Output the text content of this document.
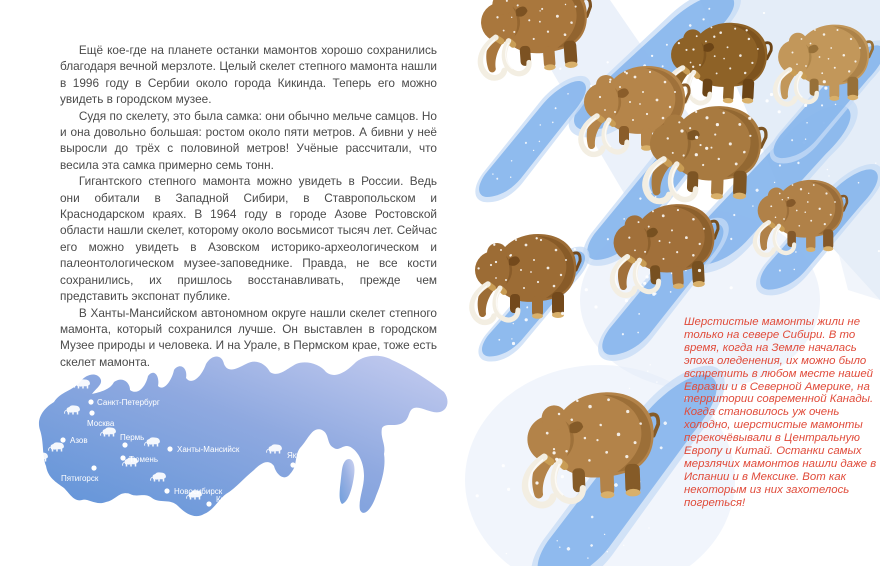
Ещё кое-где на планете останки мамонтов хорошо сохранились благодаря вечной мерзлоте. Целый скелет степного мамонта нашли в 1996 году в Сербии около города Кикинда. Теперь его можно увидеть в городском музее.

Судя по скелету, это была самка: они обычно мельче самцов. Но и она довольно большая: ростом около пяти метров. А бивни у неё выросли до трёх с половиной метров! Учёные рассчитали, что весила эта самка примерно семь тонн.

Гигантского степного мамонта можно увидеть в России. Ведь они обитали в Западной Сибири, в Ставропольском и Краснодарском краях. В 1964 году в городе Азове Ростовской области нашли скелет, которому около восьмисот тысяч лет. Сейчас его можно увидеть в Азовском историко-археологическом и палеонтологическом музее-заповеднике. Правда, не все кости сохранились, их пришлось восстанавливать, прежде чем представить экспонат публике.

В Ханты-Мансийском автономном округе нашли скелет степного мамонта, который сохранился лучше. Он выставлен в городском Музее природы и человека. И на Урале, в Пермском крае, тоже есть скелет мамонта.

Санкт-Петербург
Москва
Азов	Пермь
Ханты-Мансийск
Тюмень
Пятигорск
Новосибирск
Красноярск
Якутск
Шерстистые мамонты жили не только на севере Сибири. В то время, когда на Земле началась эпоха оледенения, их можно было встретить в любом месте нашей Евразии и в Северной Америке, на территории современной Канады. Когда становилось уж очень холодно, шерстистые мамонты перекочёвывали в Центральную Европу и Китай. Останки самых мерзлячих мамонтов нашли даже в Испании и в Мексике. Вот как некоторым из них захотелось погреться!
